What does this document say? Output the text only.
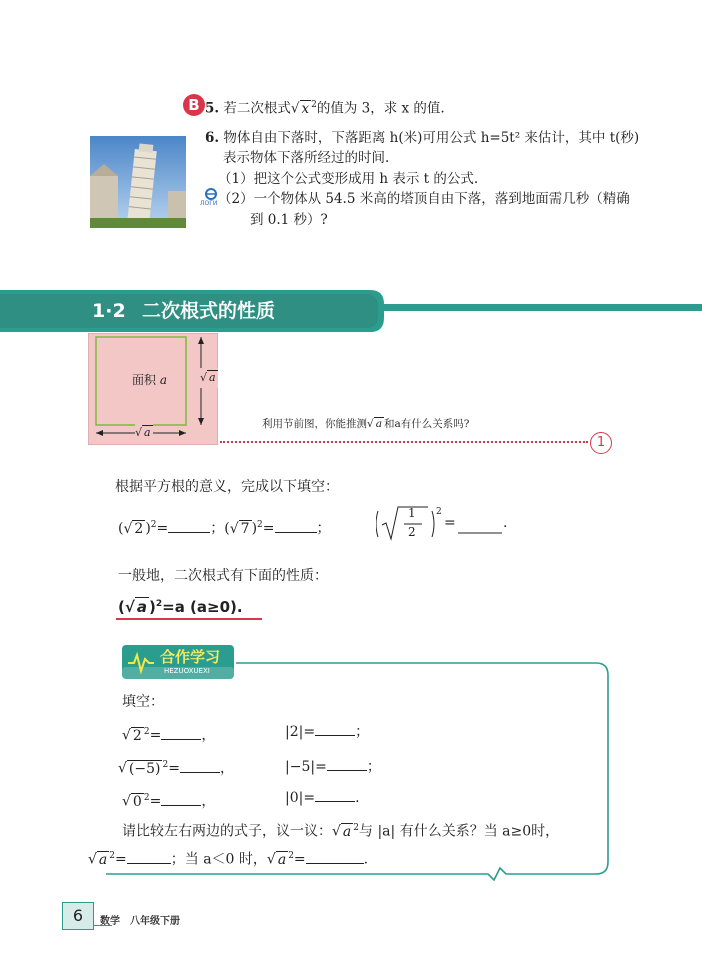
B 5. 若二次根式√ x $^2$的值为 3，求 x 的值.
6. 物体自由下落时，下落距离 h(米)可用公式 h=5t² 来估计，其中 t(秒)
表示物体下落所经过的时间.
（1）把这个公式变形成用 h 表示 t 的公式.
ЛОГИ （2）一个物体从 54.5 米高的塔顶自由下落，落到地面需几秒（精确
到 0.1 秒）?
1·2 二次根式的性质
面积 a	√ a
√ a
利用节前图，你能推测√ a 和a有什么关系吗?
1
根据平方根的意义，完成以下填空：
(√ 2 )$^2$=	；(√ 7 )$^2$=	；
1
2
2
=	.
一般地，二次根式有下面的性质：
(√ a )$^2$=a (a≥0).
合作学习
HEZUOXUEXI
填空：
√ 2 $^2$=	，	|2|=	；
√ (−5) $^2$=	，	|−5|=	；
√ 0 $^2$=	，	|0|=	.
请比较左右两边的式子，议一议：√ a $^2$与 |a| 有什么关系？当 a≥0时，
√ a $^2$=	；当 a＜0 时，√ a $^2$=	.
6	数学　八年级下册
